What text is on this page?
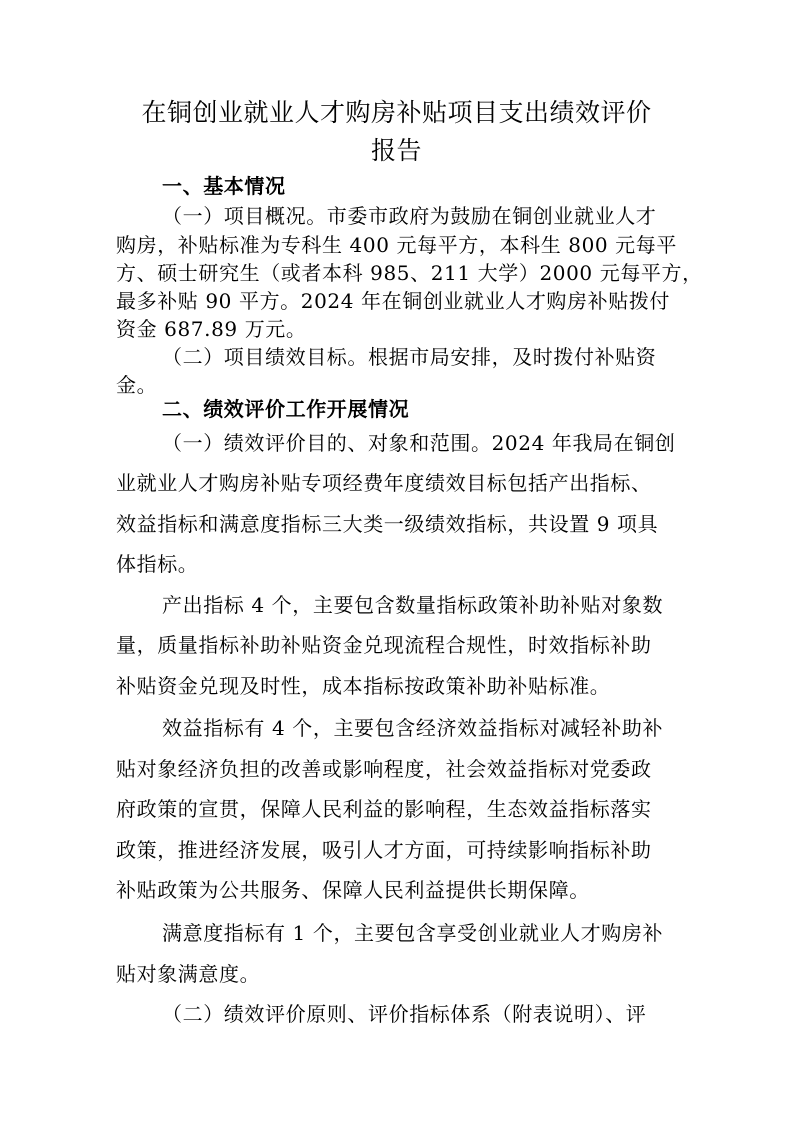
在铜创业就业人才购房补贴项目支出绩效评价
报告
一、基本情况
（一）项目概况。市委市政府为鼓励在铜创业就业人才
购房，补贴标准为专科生 400 元每平方，本科生 800 元每平
方、硕士研究生（或者本科 985、211 大学）2000 元每平方，
最多补贴 90 平方。2024 年在铜创业就业人才购房补贴拨付
资金 687.89 万元。
（二）项目绩效目标。根据市局安排，及时拨付补贴资
金。
二、绩效评价工作开展情况
（一）绩效评价目的、对象和范围。2024 年我局在铜创
业就业人才购房补贴专项经费年度绩效目标包括产出指标、
效益指标和满意度指标三大类一级绩效指标，共设置 9 项具
体指标。
产出指标 4 个，主要包含数量指标政策补助补贴对象数
量，质量指标补助补贴资金兑现流程合规性，时效指标补助
补贴资金兑现及时性，成本指标按政策补助补贴标准。
效益指标有 4 个，主要包含经济效益指标对减轻补助补
贴对象经济负担的改善或影响程度，社会效益指标对党委政
府政策的宣贯，保障人民利益的影响程，生态效益指标落实
政策，推进经济发展，吸引人才方面，可持续影响指标补助
补贴政策为公共服务、保障人民利益提供长期保障。
满意度指标有 1 个，主要包含享受创业就业人才购房补
贴对象满意度。
（二）绩效评价原则、评价指标体系（附表说明）、评
